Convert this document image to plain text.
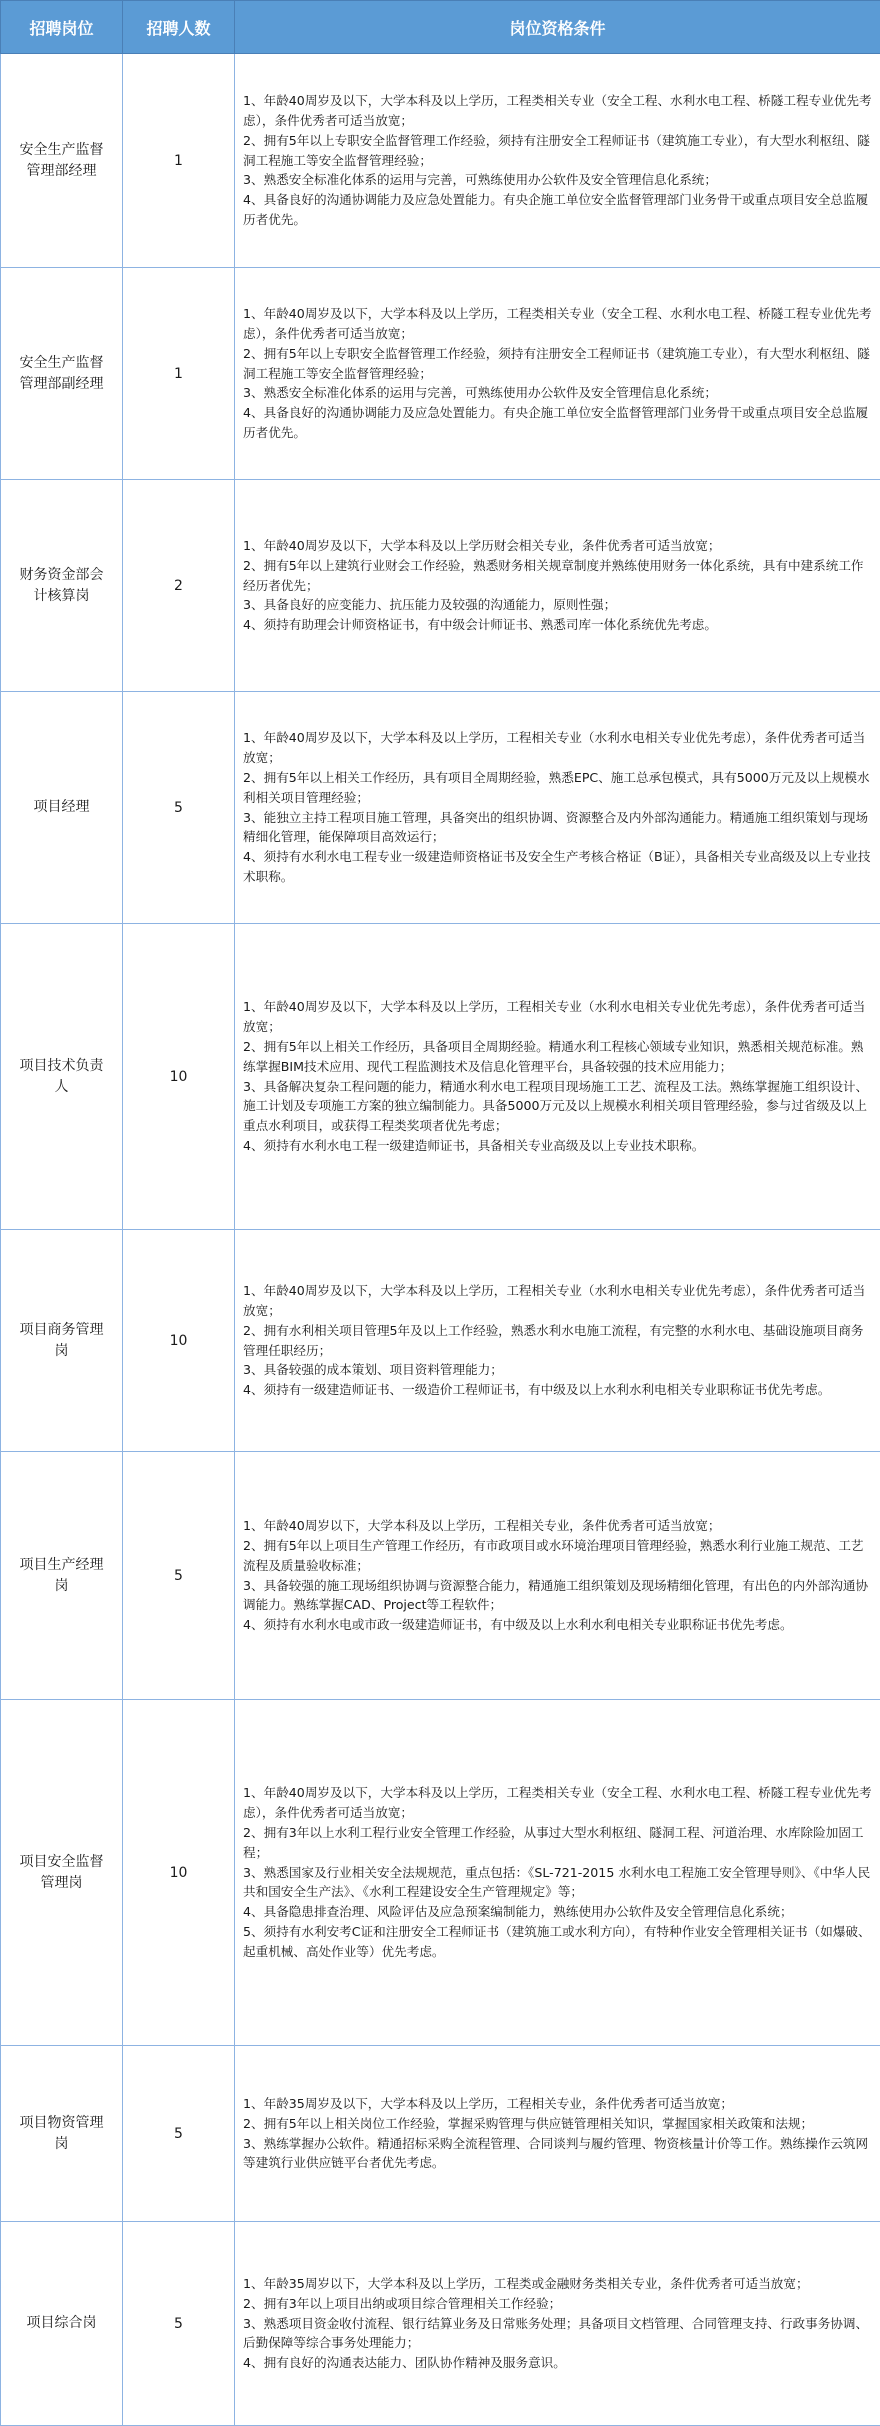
招聘岗位	招聘人数	岗位资格条件
安全生产监督管理部经理	1	1、年龄40周岁及以下，大学本科及以上学历，工程类相关专业（安全工程、水利水电工程、桥隧工程专业优先考虑），条件优秀者可适当放宽；
2、拥有5年以上专职安全监督管理工作经验，须持有注册安全工程师证书（建筑施工专业），有大型水利枢纽、隧洞工程施工等安全监督管理经验；
3、熟悉安全标准化体系的运用与完善，可熟练使用办公软件及安全管理信息化系统；
4、具备良好的沟通协调能力及应急处置能力。有央企施工单位安全监督管理部门业务骨干或重点项目安全总监履历者优先。

安全生产监督管理部副经理	1	1、年龄40周岁及以下，大学本科及以上学历，工程类相关专业（安全工程、水利水电工程、桥隧工程专业优先考虑），条件优秀者可适当放宽；
2、拥有5年以上专职安全监督管理工作经验，须持有注册安全工程师证书（建筑施工专业），有大型水利枢纽、隧洞工程施工等安全监督管理经验；
3、熟悉安全标准化体系的运用与完善，可熟练使用办公软件及安全管理信息化系统；
4、具备良好的沟通协调能力及应急处置能力。有央企施工单位安全监督管理部门业务骨干或重点项目安全总监履历者优先。

财务资金部会计核算岗	2	1、年龄40周岁及以下，大学本科及以上学历财会相关专业，条件优秀者可适当放宽；
2、拥有5年以上建筑行业财会工作经验，熟悉财务相关规章制度并熟练使用财务一体化系统，具有中建系统工作经历者优先；
3、具备良好的应变能力、抗压能力及较强的沟通能力，原则性强；
4、须持有助理会计师资格证书，有中级会计师证书、熟悉司库一体化系统优先考虑。

项目经理	5	1、年龄40周岁及以下，大学本科及以上学历，工程相关专业（水利水电相关专业优先考虑），条件优秀者可适当放宽；
2、拥有5年以上相关工作经历，具有项目全周期经验，熟悉EPC、施工总承包模式，具有5000万元及以上规模水利相关项目管理经验；
3、能独立主持工程项目施工管理，具备突出的组织协调、资源整合及内外部沟通能力。精通施工组织策划与现场精细化管理，能保障项目高效运行；
4、须持有水利水电工程专业一级建造师资格证书及安全生产考核合格证（B证），具备相关专业高级及以上专业技术职称。

项目技术负责人	10	1、年龄40周岁及以下，大学本科及以上学历，工程相关专业（水利水电相关专业优先考虑），条件优秀者可适当放宽；
2、拥有5年以上相关工作经历，具备项目全周期经验。精通水利工程核心领域专业知识，熟悉相关规范标准。熟练掌握BIM技术应用、现代工程监测技术及信息化管理平台，具备较强的技术应用能力；
3、具备解决复杂工程问题的能力，精通水利水电工程项目现场施工工艺、流程及工法。熟练掌握施工组织设计、施工计划及专项施工方案的独立编制能力。具备5000万元及以上规模水利相关项目管理经验，参与过省级及以上重点水利项目，或获得工程类奖项者优先考虑；
4、须持有水利水电工程一级建造师证书，具备相关专业高级及以上专业技术职称。

项目商务管理岗	10	1、年龄40周岁及以下，大学本科及以上学历，工程相关专业（水利水电相关专业优先考虑），条件优秀者可适当放宽；
2、拥有水利相关项目管理5年及以上工作经验，熟悉水利水电施工流程，有完整的水利水电、基础设施项目商务管理任职经历；
3、具备较强的成本策划、项目资料管理能力；
4、须持有一级建造师证书、一级造价工程师证书，有中级及以上水利水利电相关专业职称证书优先考虑。

项目生产经理岗	5	1、年龄40周岁以下，大学本科及以上学历，工程相关专业，条件优秀者可适当放宽；
2、拥有5年以上项目生产管理工作经历，有市政项目或水环境治理项目管理经验，熟悉水利行业施工规范、工艺流程及质量验收标准；
3、具备较强的施工现场组织协调与资源整合能力，精通施工组织策划及现场精细化管理，有出色的内外部沟通协调能力。熟练掌握CAD、Project等工程软件；
4、须持有水利水电或市政一级建造师证书，有中级及以上水利水利电相关专业职称证书优先考虑。

项目安全监督管理岗	10	1、年龄40周岁及以下，大学本科及以上学历，工程类相关专业（安全工程、水利水电工程、桥隧工程专业优先考虑），条件优秀者可适当放宽；
2、拥有3年以上水利工程行业安全管理工作经验，从事过大型水利枢纽、隧洞工程、河道治理、水库除险加固工程；
3、熟悉国家及行业相关安全法规规范，重点包括：《SL-721-2015 水利水电工程施工安全管理导则》、《中华人民共和国安全生产法》、《水利工程建设安全生产管理规定》等；
4、具备隐患排查治理、风险评估及应急预案编制能力，熟练使用办公软件及安全管理信息化系统；
5、须持有水利安考C证和注册安全工程师证书（建筑施工或水利方向），有特种作业安全管理相关证书（如爆破、起重机械、高处作业等）优先考虑。

项目物资管理岗	5	1、年龄35周岁及以下，大学本科及以上学历，工程相关专业，条件优秀者可适当放宽；
2、拥有5年以上相关岗位工作经验，掌握采购管理与供应链管理相关知识，掌握国家相关政策和法规；
3、熟练掌握办公软件。精通招标采购全流程管理、合同谈判与履约管理、物资核量计价等工作。熟练操作云筑网等建筑行业供应链平台者优先考虑。

项目综合岗	5	1、年龄35周岁以下，大学本科及以上学历，工程类或金融财务类相关专业，条件优秀者可适当放宽；
2、拥有3年以上项目出纳或项目综合管理相关工作经验；
3、熟悉项目资金收付流程、银行结算业务及日常账务处理；具备项目文档管理、合同管理支持、行政事务协调、后勤保障等综合事务处理能力；
4、拥有良好的沟通表达能力、团队协作精神及服务意识。
